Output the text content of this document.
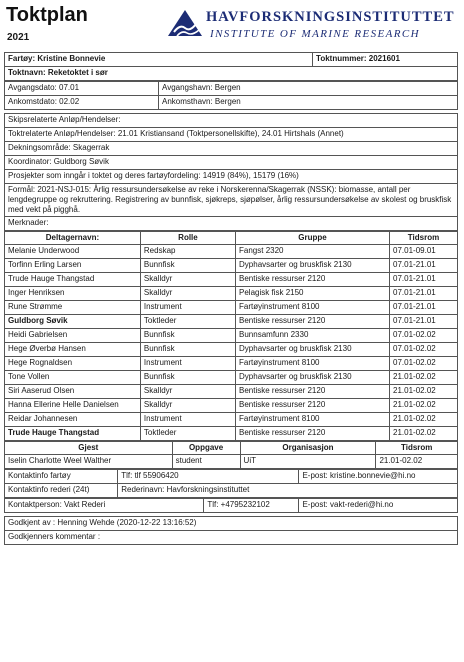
Toktplan
2021
HAVFORSKNINGSINSTITUTTET
INSTITUTE OF MARINE RESEARCH
Fartøy: Kristine Bonnevie	Toktnummer: 2021601
Toktnavn: Reketoktet i sør
Avgangsdato: 07.01	Avgangshavn: Bergen
Ankomstdato: 02.02	Ankomsthavn: Bergen
Skipsrelaterte Anløp/Hendelser:
Toktrelaterte Anløp/Hendelser: 21.01 Kristiansand (Toktpersonellskifte), 24.01 Hirtshals (Annet)
Dekningsområde: Skagerrak
Koordinator: Guldborg Søvik
Prosjekter som inngår i toktet og deres fartøyfordeling: 14919 (84%), 15179 (16%)
Formål: 2021-NSJ-015: Årlig ressursundersøkelse av reke i Norskerenna/Skagerrak (NSSK): biomasse, antall per lengdegruppe og rekruttering. Registrering av bunnfisk, sjøkreps, sjøpølser, årlig ressursundersøkelse av skolest og bruskfisk med vekt på pigghå.
Merknader:
Deltagernavn:	Rolle	Gruppe	Tidsrom
Melanie Underwood	Redskap	Fangst 2320	07.01-09.01
Torfinn Erling Larsen	Bunnfisk	Dyphavsarter og bruskfisk 2130	07.01-21.01
Trude Hauge Thangstad	Skalldyr	Bentiske ressurser 2120	07.01-21.01
Inger Henriksen	Skalldyr	Pelagisk fisk 2150	07.01-21.01
Rune Strømme	Instrument	Fartøyinstrument 8100	07.01-21.01
Guldborg Søvik	Toktleder	Bentiske ressurser 2120	07.01-21.01
Heidi Gabrielsen	Bunnfisk	Bunnsamfunn 2330	07.01-02.02
Hege Øverbø Hansen	Bunnfisk	Dyphavsarter og bruskfisk 2130	07.01-02.02
Hege Rognaldsen	Instrument	Fartøyinstrument 8100	07.01-02.02
Tone Vollen	Bunnfisk	Dyphavsarter og bruskfisk 2130	21.01-02.02
Siri Aaserud Olsen	Skalldyr	Bentiske ressurser 2120	21.01-02.02
Hanna Ellerine Helle Danielsen	Skalldyr	Bentiske ressurser 2120	21.01-02.02
Reidar Johannesen	Instrument	Fartøyinstrument 8100	21.01-02.02
Trude Hauge Thangstad	Toktleder	Bentiske ressurser 2120	21.01-02.02
Gjest	Oppgave	Organisasjon	Tidsrom
Iselin Charlotte Weel Walther	student	UiT	21.01-02.02
Kontaktinfo fartøy	Tlf: tlf 55906420	E-post: kristine.bonnevie@hi.no
Kontaktinfo rederi (24t)	Rederinavn: Havforskningsinstituttet	
Kontaktperson: Vakt Rederi	Tlf: +4795232102	E-post: vakt-rederi@hi.no
Godkjent av : Henning Wehde (2020-12-22 13:16:52)
Godkjenners kommentar :
